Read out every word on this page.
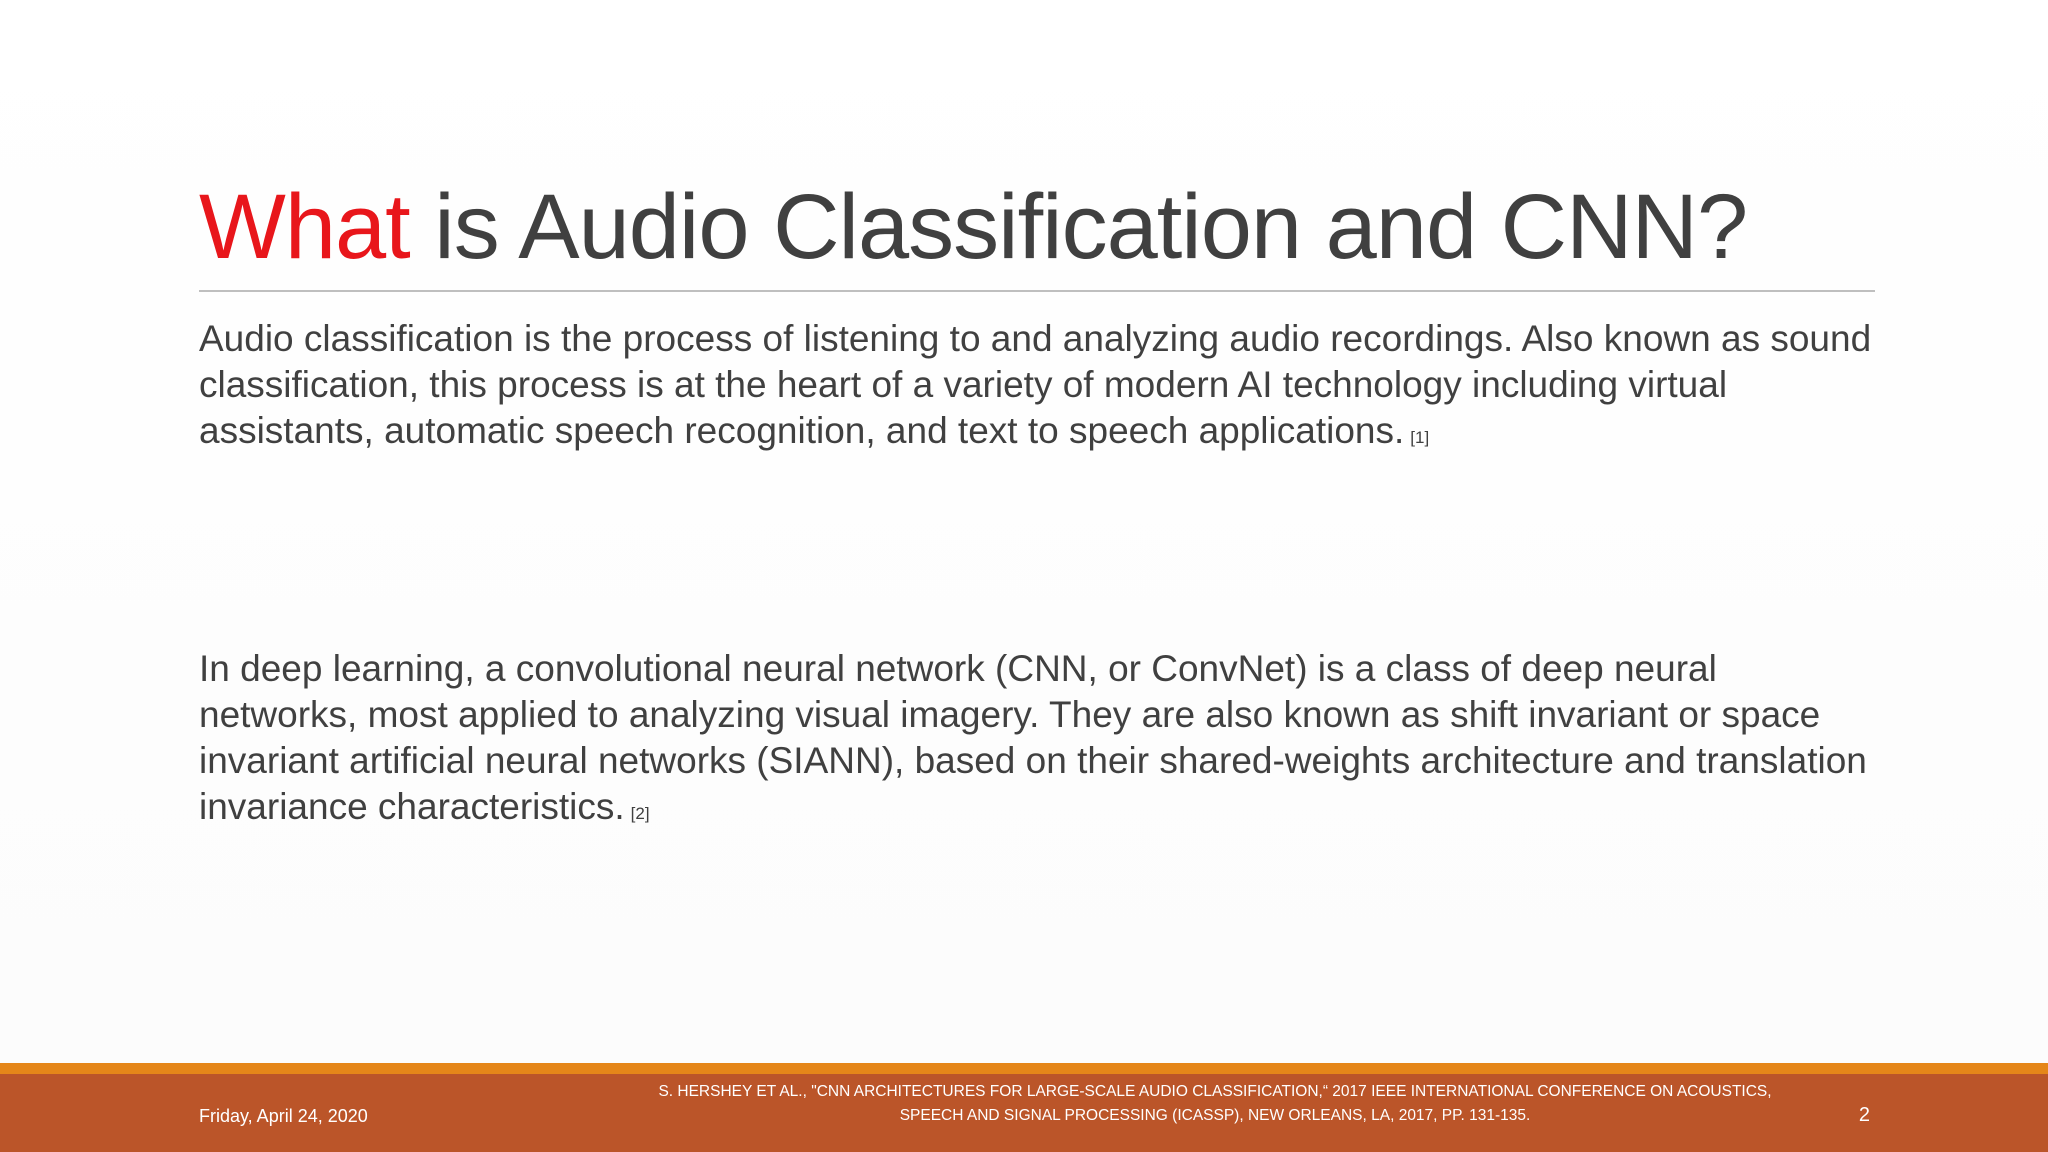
What is Audio Classification and CNN?

Audio classification is the process of listening to and analyzing audio recordings. Also known as sound classification, this process is at the heart of a variety of modern AI technology including virtual assistants, automatic speech recognition, and text to speech applications. [1]

In deep learning, a convolutional neural network (CNN, or ConvNet) is a class of deep neural networks, most applied to analyzing visual imagery. They are also known as shift invariant or space invariant artificial neural networks (SIANN), based on their shared-weights architecture and translation invariance characteristics. [2]

Friday, April 24, 2020
S. HERSHEY ET AL., "CNN ARCHITECTURES FOR LARGE-SCALE AUDIO CLASSIFICATION,“ 2017 IEEE INTERNATIONAL CONFERENCE ON ACOUSTICS, SPEECH AND SIGNAL PROCESSING (ICASSP), NEW ORLEANS, LA, 2017, PP. 131-135.	2
